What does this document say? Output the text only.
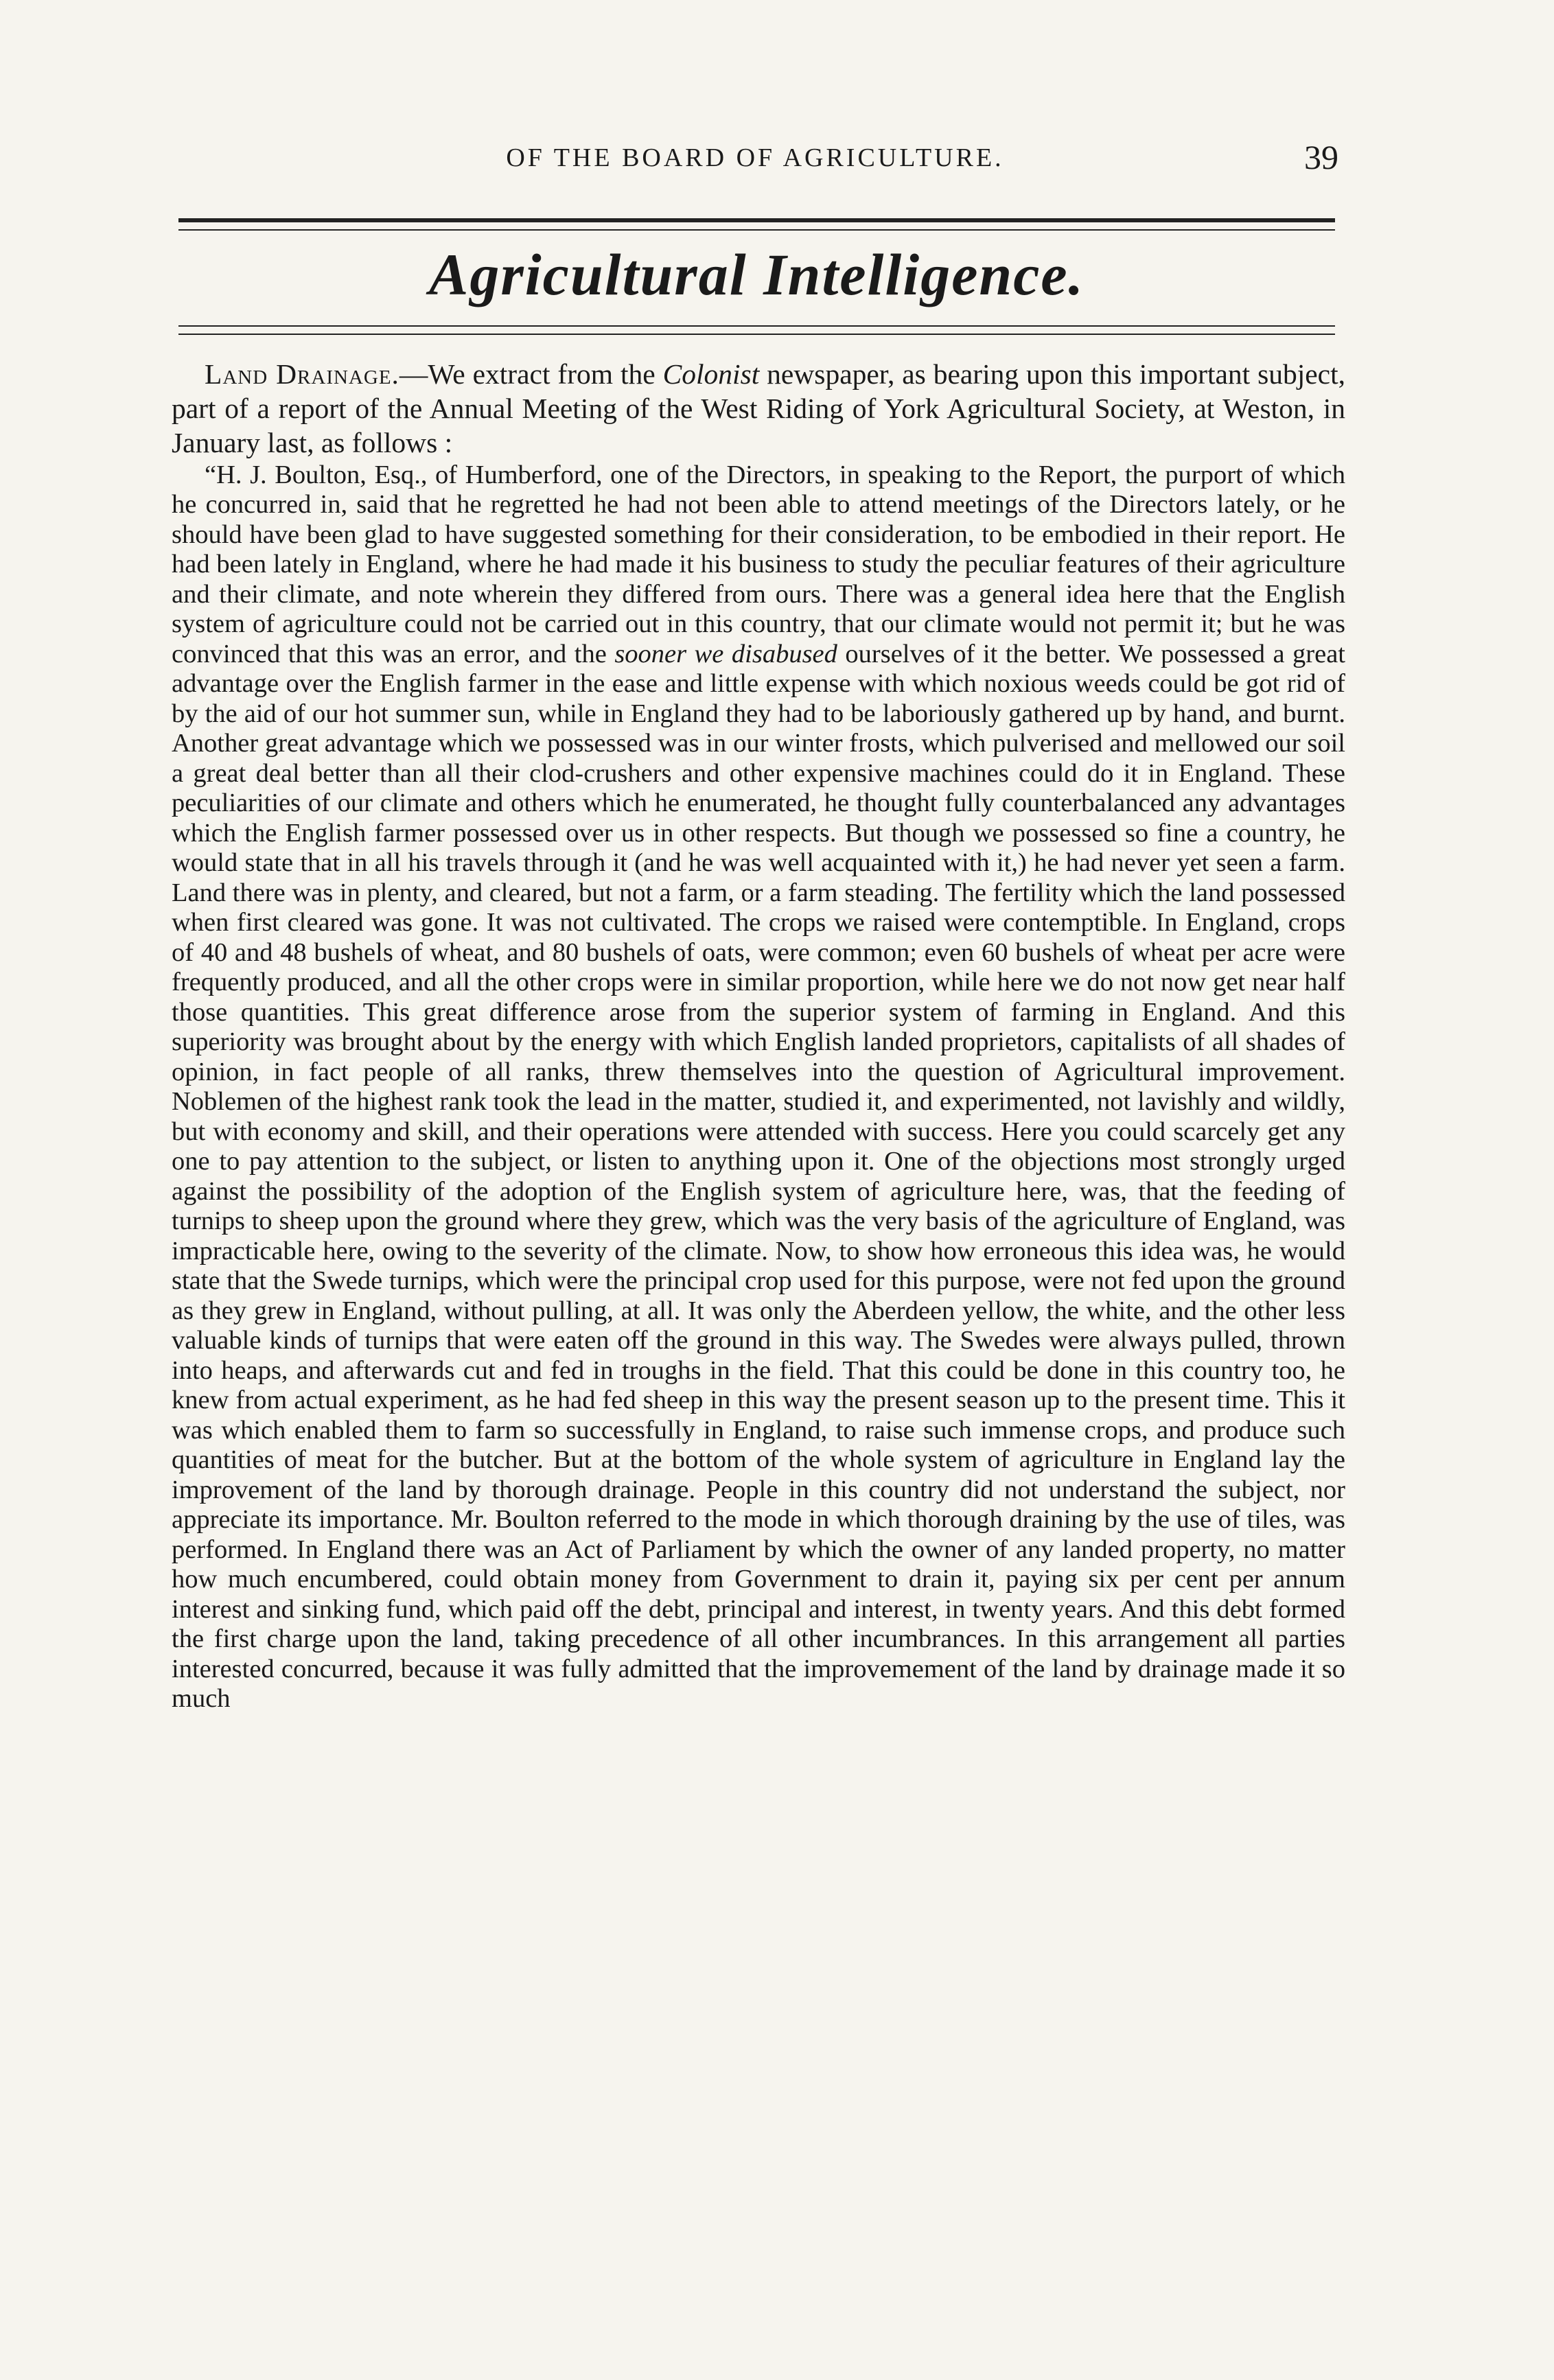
OF THE BOARD OF AGRICULTURE.	39
Agricultural Intelligence.

Land Drainage.—We extract from the Colonist newspaper, as bearing upon this important subject, part of a report of the Annual Meeting of the West Riding of York Agricultural Society, at Weston, in January last, as follows :

“H. J. Boulton, Esq., of Humberford, one of the Directors, in speaking to the Report, the purport of which he concurred in, said that he regretted he had not been able to attend meetings of the Directors lately, or he should have been glad to have suggested something for their consideration, to be embodied in their report. He had been lately in England, where he had made it his business to study the peculiar features of their agriculture and their climate, and note wherein they differed from ours. There was a general idea here that the English system of agriculture could not be carried out in this country, that our climate would not permit it; but he was convinced that this was an error, and the sooner we disabused ourselves of it the better. We possessed a great advantage over the English farmer in the ease and little expense with which noxious weeds could be got rid of by the aid of our hot summer sun, while in England they had to be laboriously gathered up by hand, and burnt. Another great advantage which we possessed was in our winter frosts, which pulverised and mellowed our soil a great deal better than all their clod-crushers and other expensive machines could do it in England. These peculiarities of our climate and others which he enumerated, he thought fully counterbalanced any advantages which the English farmer possessed over us in other respects. But though we possessed so fine a country, he would state that in all his travels through it (and he was well acquainted with it,) he had never yet seen a farm. Land there was in plenty, and cleared, but not a farm, or a farm steading. The fertility which the land possessed when first cleared was gone. It was not cultivated. The crops we raised were contemptible. In England, crops of 40 and 48 bushels of wheat, and 80 bushels of oats, were common; even 60 bushels of wheat per acre were frequently produced, and all the other crops were in similar proportion, while here we do not now get near half those quantities. This great difference arose from the superior system of farming in England. And this superiority was brought about by the energy with which English landed proprietors, capitalists of all shades of opinion, in fact people of all ranks, threw themselves into the question of Agricultural improvement. Noblemen of the highest rank took the lead in the matter, studied it, and experimented, not lavishly and wildly, but with economy and skill, and their operations were attended with success. Here you could scarcely get any one to pay attention to the subject, or listen to anything upon it. One of the objections most strongly urged against the possibility of the adoption of the English system of agriculture here, was, that the feeding of turnips to sheep upon the ground where they grew, which was the very basis of the agriculture of England, was impracticable here, owing to the severity of the climate. Now, to show how erroneous this idea was, he would state that the Swede turnips, which were the principal crop used for this purpose, were not fed upon the ground as they grew in England, without pulling, at all. It was only the Aberdeen yellow, the white, and the other less valuable kinds of turnips that were eaten off the ground in this way. The Swedes were always pulled, thrown into heaps, and afterwards cut and fed in troughs in the field. That this could be done in this country too, he knew from actual experiment, as he had fed sheep in this way the present season up to the present time. This it was which enabled them to farm so successfully in England, to raise such immense crops, and produce such quantities of meat for the butcher. But at the bottom of the whole system of agriculture in England lay the improvement of the land by thorough drainage. People in this country did not understand the subject, nor appreciate its importance. Mr. Boulton referred to the mode in which thorough draining by the use of tiles, was performed. In England there was an Act of Parliament by which the owner of any landed property, no matter how much encumbered, could obtain money from Government to drain it, paying six per cent per annum interest and sinking fund, which paid off the debt, principal and interest, in twenty years. And this debt formed the first charge upon the land, taking precedence of all other incumbrances. In this arrangement all parties interested concurred, because it was fully admitted that the improvemement of the land by drainage made it so much
